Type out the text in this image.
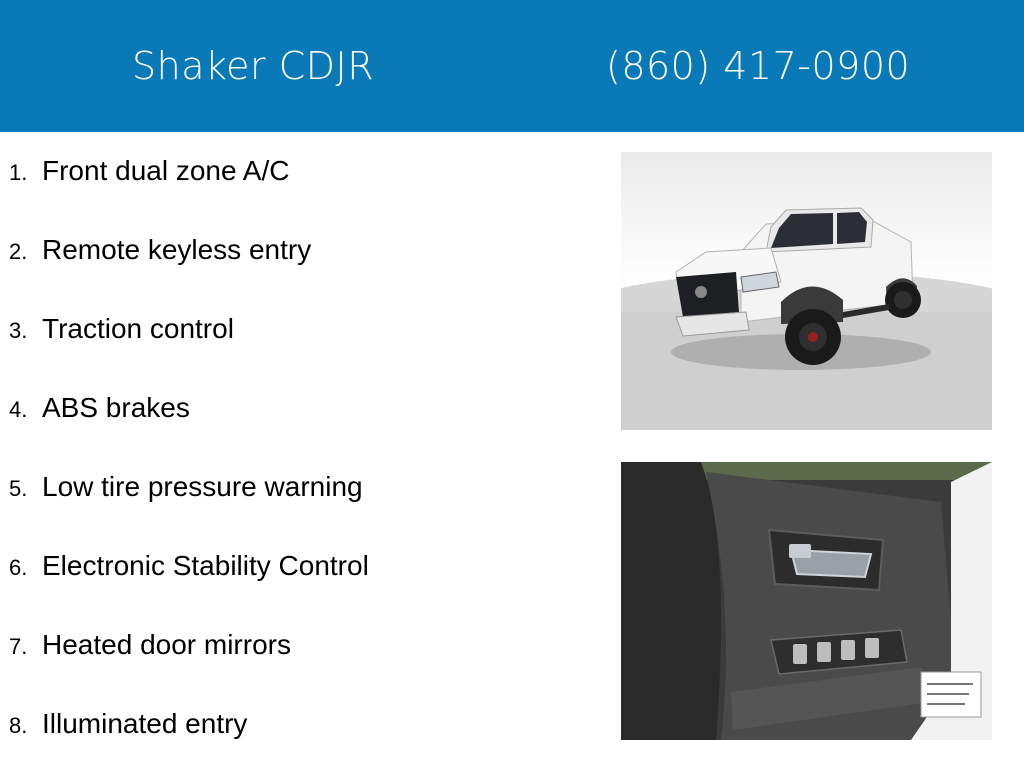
Shaker CDJR	(860) 417-0900
1. Front dual zone A/C
2. Remote keyless entry
3. Traction control
4. ABS brakes
5. Low tire pressure warning
6. Electronic Stability Control
7. Heated door mirrors
8. Illuminated entry
